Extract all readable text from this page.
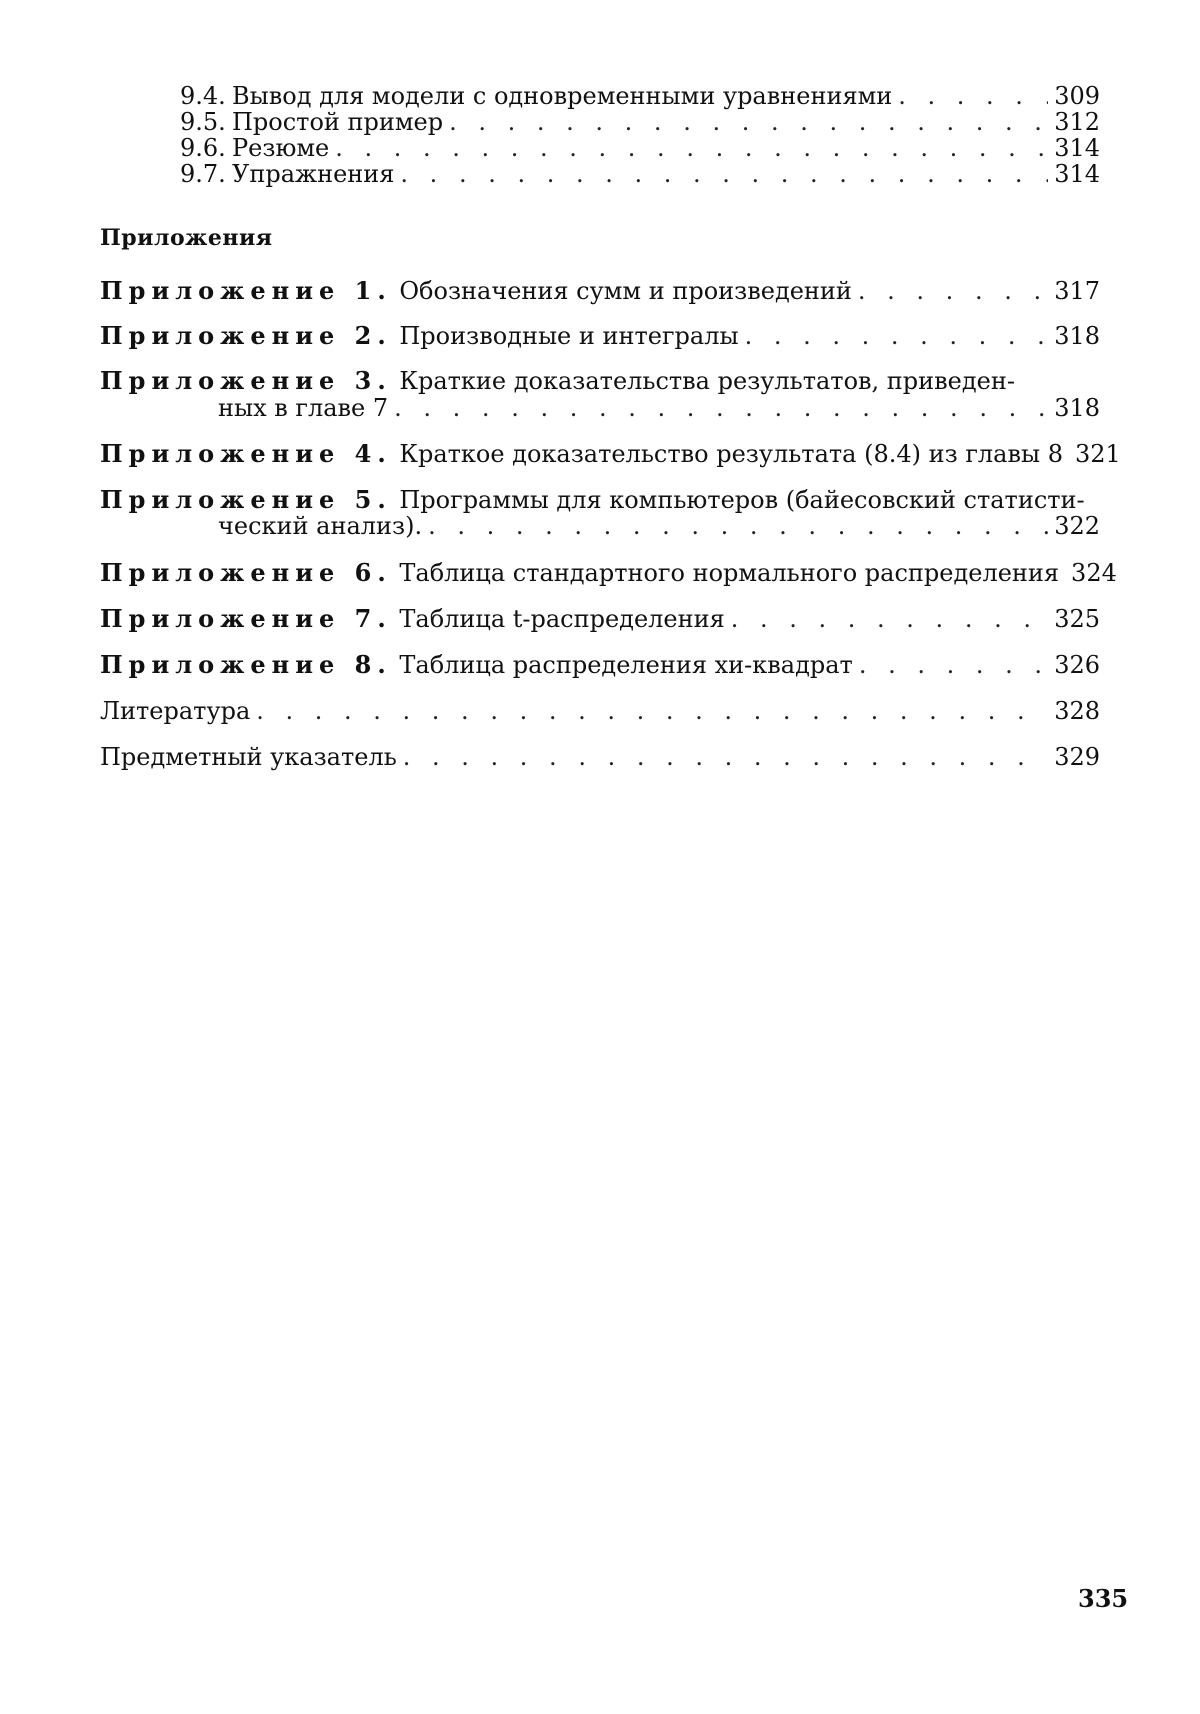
9.4. Вывод для модели с одновременными уравнениями . . .	309
9.5. Простой пример . . .	312
9.6. Резюме . . .	314
9.7. Упражнения . . .	314
Приложения
Приложение 1. Обозначения сумм и произведений . . .	317
Приложение 2. Производные и интегралы . . .	318
Приложение 3. Краткие доказательства результатов, приведен-
ных в главе 7 . . .	318
Приложение 4. Краткое доказательство результата (8.4) из главы 8 321
Приложение 5. Программы для компьютеров (байесовский статисти-
ческий анализ). . . .	322
Приложение 6. Таблица стандартного нормального распределения 324
Приложение 7. Таблица t-распределения . . .	325
Приложение 8. Таблица распределения хи-квадрат . . .	326
Литература . . .	328
Предметный указатель . . .	329
335
